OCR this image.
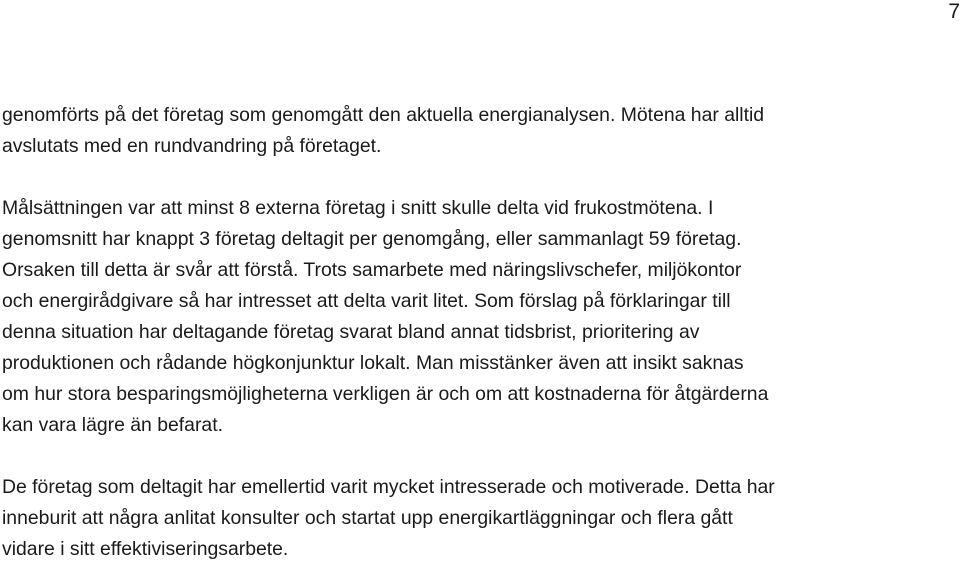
7

genomförts på det företag som genomgått den aktuella energianalysen. Mötena har alltid
avslutats med en rundvandring på företaget.

Målsättningen var att minst 8 externa företag i snitt skulle delta vid frukostmötena. I
genomsnitt har knappt 3 företag deltagit per genomgång, eller sammanlagt 59 företag.
Orsaken till detta är svår att förstå. Trots samarbete med näringslivschefer, miljökontor
och energirådgivare så har intresset att delta varit litet. Som förslag på förklaringar till
denna situation har deltagande företag svarat bland annat tidsbrist, prioritering av
produktionen och rådande högkonjunktur lokalt. Man misstänker även att insikt saknas
om hur stora besparingsmöjligheterna verkligen är och om att kostnaderna för åtgärderna
kan vara lägre än befarat.

De företag som deltagit har emellertid varit mycket intresserade och motiverade. Detta har
inneburit att några anlitat konsulter och startat upp energikartläggningar och flera gått
vidare i sitt effektiviseringsarbete.
